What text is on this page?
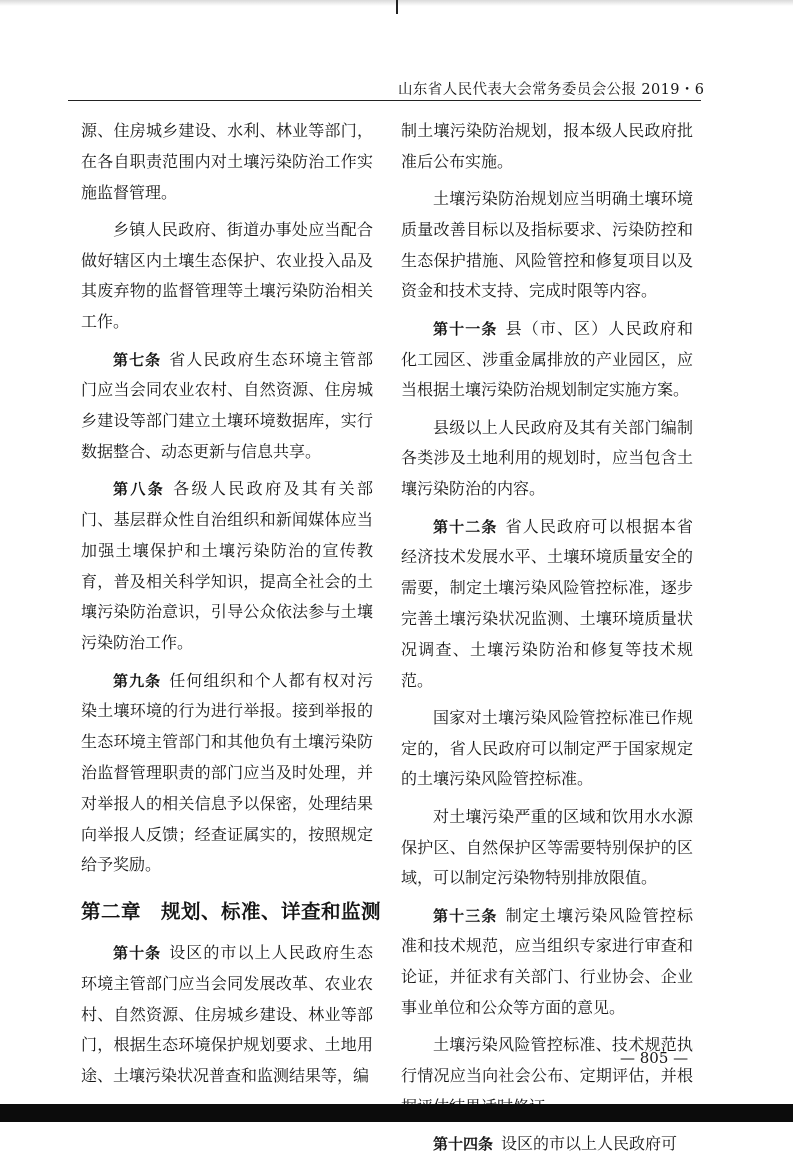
山东省人民代表大会常务委员会公报 2019・6

源、住房城乡建设、水利、林业等部门，在各自职责范围内对土壤污染防治工作实施监督管理。

乡镇人民政府、街道办事处应当配合做好辖区内土壤生态保护、农业投入品及其废弃物的监督管理等土壤污染防治相关工作。

第七条 省人民政府生态环境主管部门应当会同农业农村、自然资源、住房城乡建设等部门建立土壤环境数据库，实行数据整合、动态更新与信息共享。

第八条 各级人民政府及其有关部门、基层群众性自治组织和新闻媒体应当加强土壤保护和土壤污染防治的宣传教育，普及相关科学知识，提高全社会的土壤污染防治意识，引导公众依法参与土壤污染防治工作。

第九条 任何组织和个人都有权对污染土壤环境的行为进行举报。接到举报的生态环境主管部门和其他负有土壤污染防治监督管理职责的部门应当及时处理，并对举报人的相关信息予以保密，处理结果向举报人反馈；经查证属实的，按照规定给予奖励。

第二章　规划、标准、详查和监测

第十条 设区的市以上人民政府生态环境主管部门应当会同发展改革、农业农村、自然资源、住房城乡建设、林业等部门，根据生态环境保护规划要求、土地用途、土壤污染状况普查和监测结果等，编

制土壤污染防治规划，报本级人民政府批准后公布实施。

土壤污染防治规划应当明确土壤环境质量改善目标以及指标要求、污染防控和生态保护措施、风险管控和修复项目以及资金和技术支持、完成时限等内容。

第十一条 县（市、区）人民政府和化工园区、涉重金属排放的产业园区，应当根据土壤污染防治规划制定实施方案。

县级以上人民政府及其有关部门编制各类涉及土地利用的规划时，应当包含土壤污染防治的内容。

第十二条 省人民政府可以根据本省经济技术发展水平、土壤环境质量安全的需要，制定土壤污染风险管控标准，逐步完善土壤污染状况监测、土壤环境质量状况调查、土壤污染防治和修复等技术规范。

国家对土壤污染风险管控标准已作规定的，省人民政府可以制定严于国家规定的土壤污染风险管控标准。

对土壤污染严重的区域和饮用水水源保护区、自然保护区等需要特别保护的区域，可以制定污染物特别排放限值。

第十三条 制定土壤污染风险管控标准和技术规范，应当组织专家进行审查和论证，并征求有关部门、行业协会、企业事业单位和公众等方面的意见。

土壤污染风险管控标准、技术规范执行情况应当向社会公布、定期评估，并根

第十四条 设区的市以上人民政府可

— 805 —
